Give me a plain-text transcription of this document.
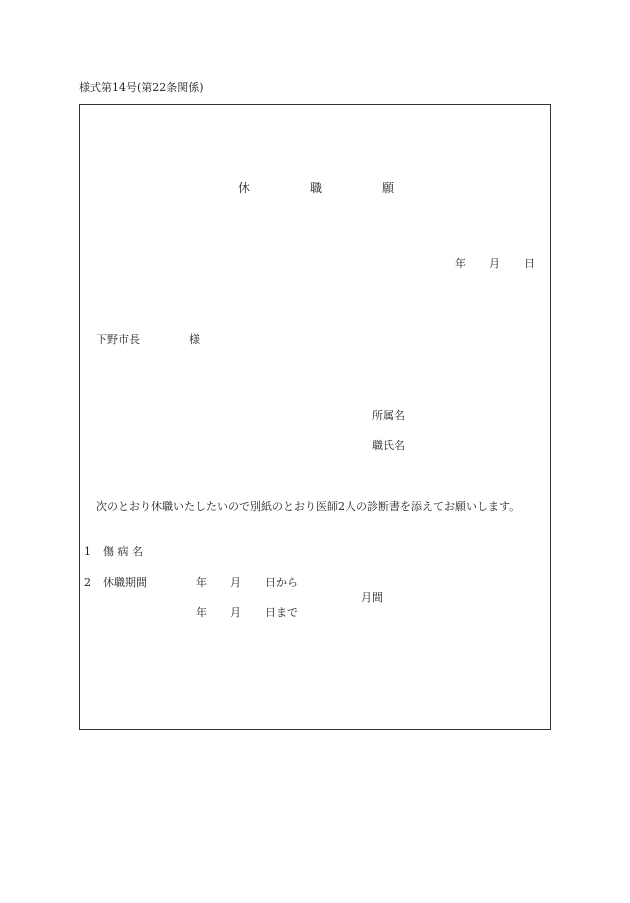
様式第14号(第22条関係)
休	職	願
年 月 日
下野市長	様
所属名
職氏名
次のとおり休職いたしたいので別紙のとおり医師2人の診断書を添えてお願いします。
1 傷 病 名
2 休職期間	年 月 日から
月間
年 月 日まで
